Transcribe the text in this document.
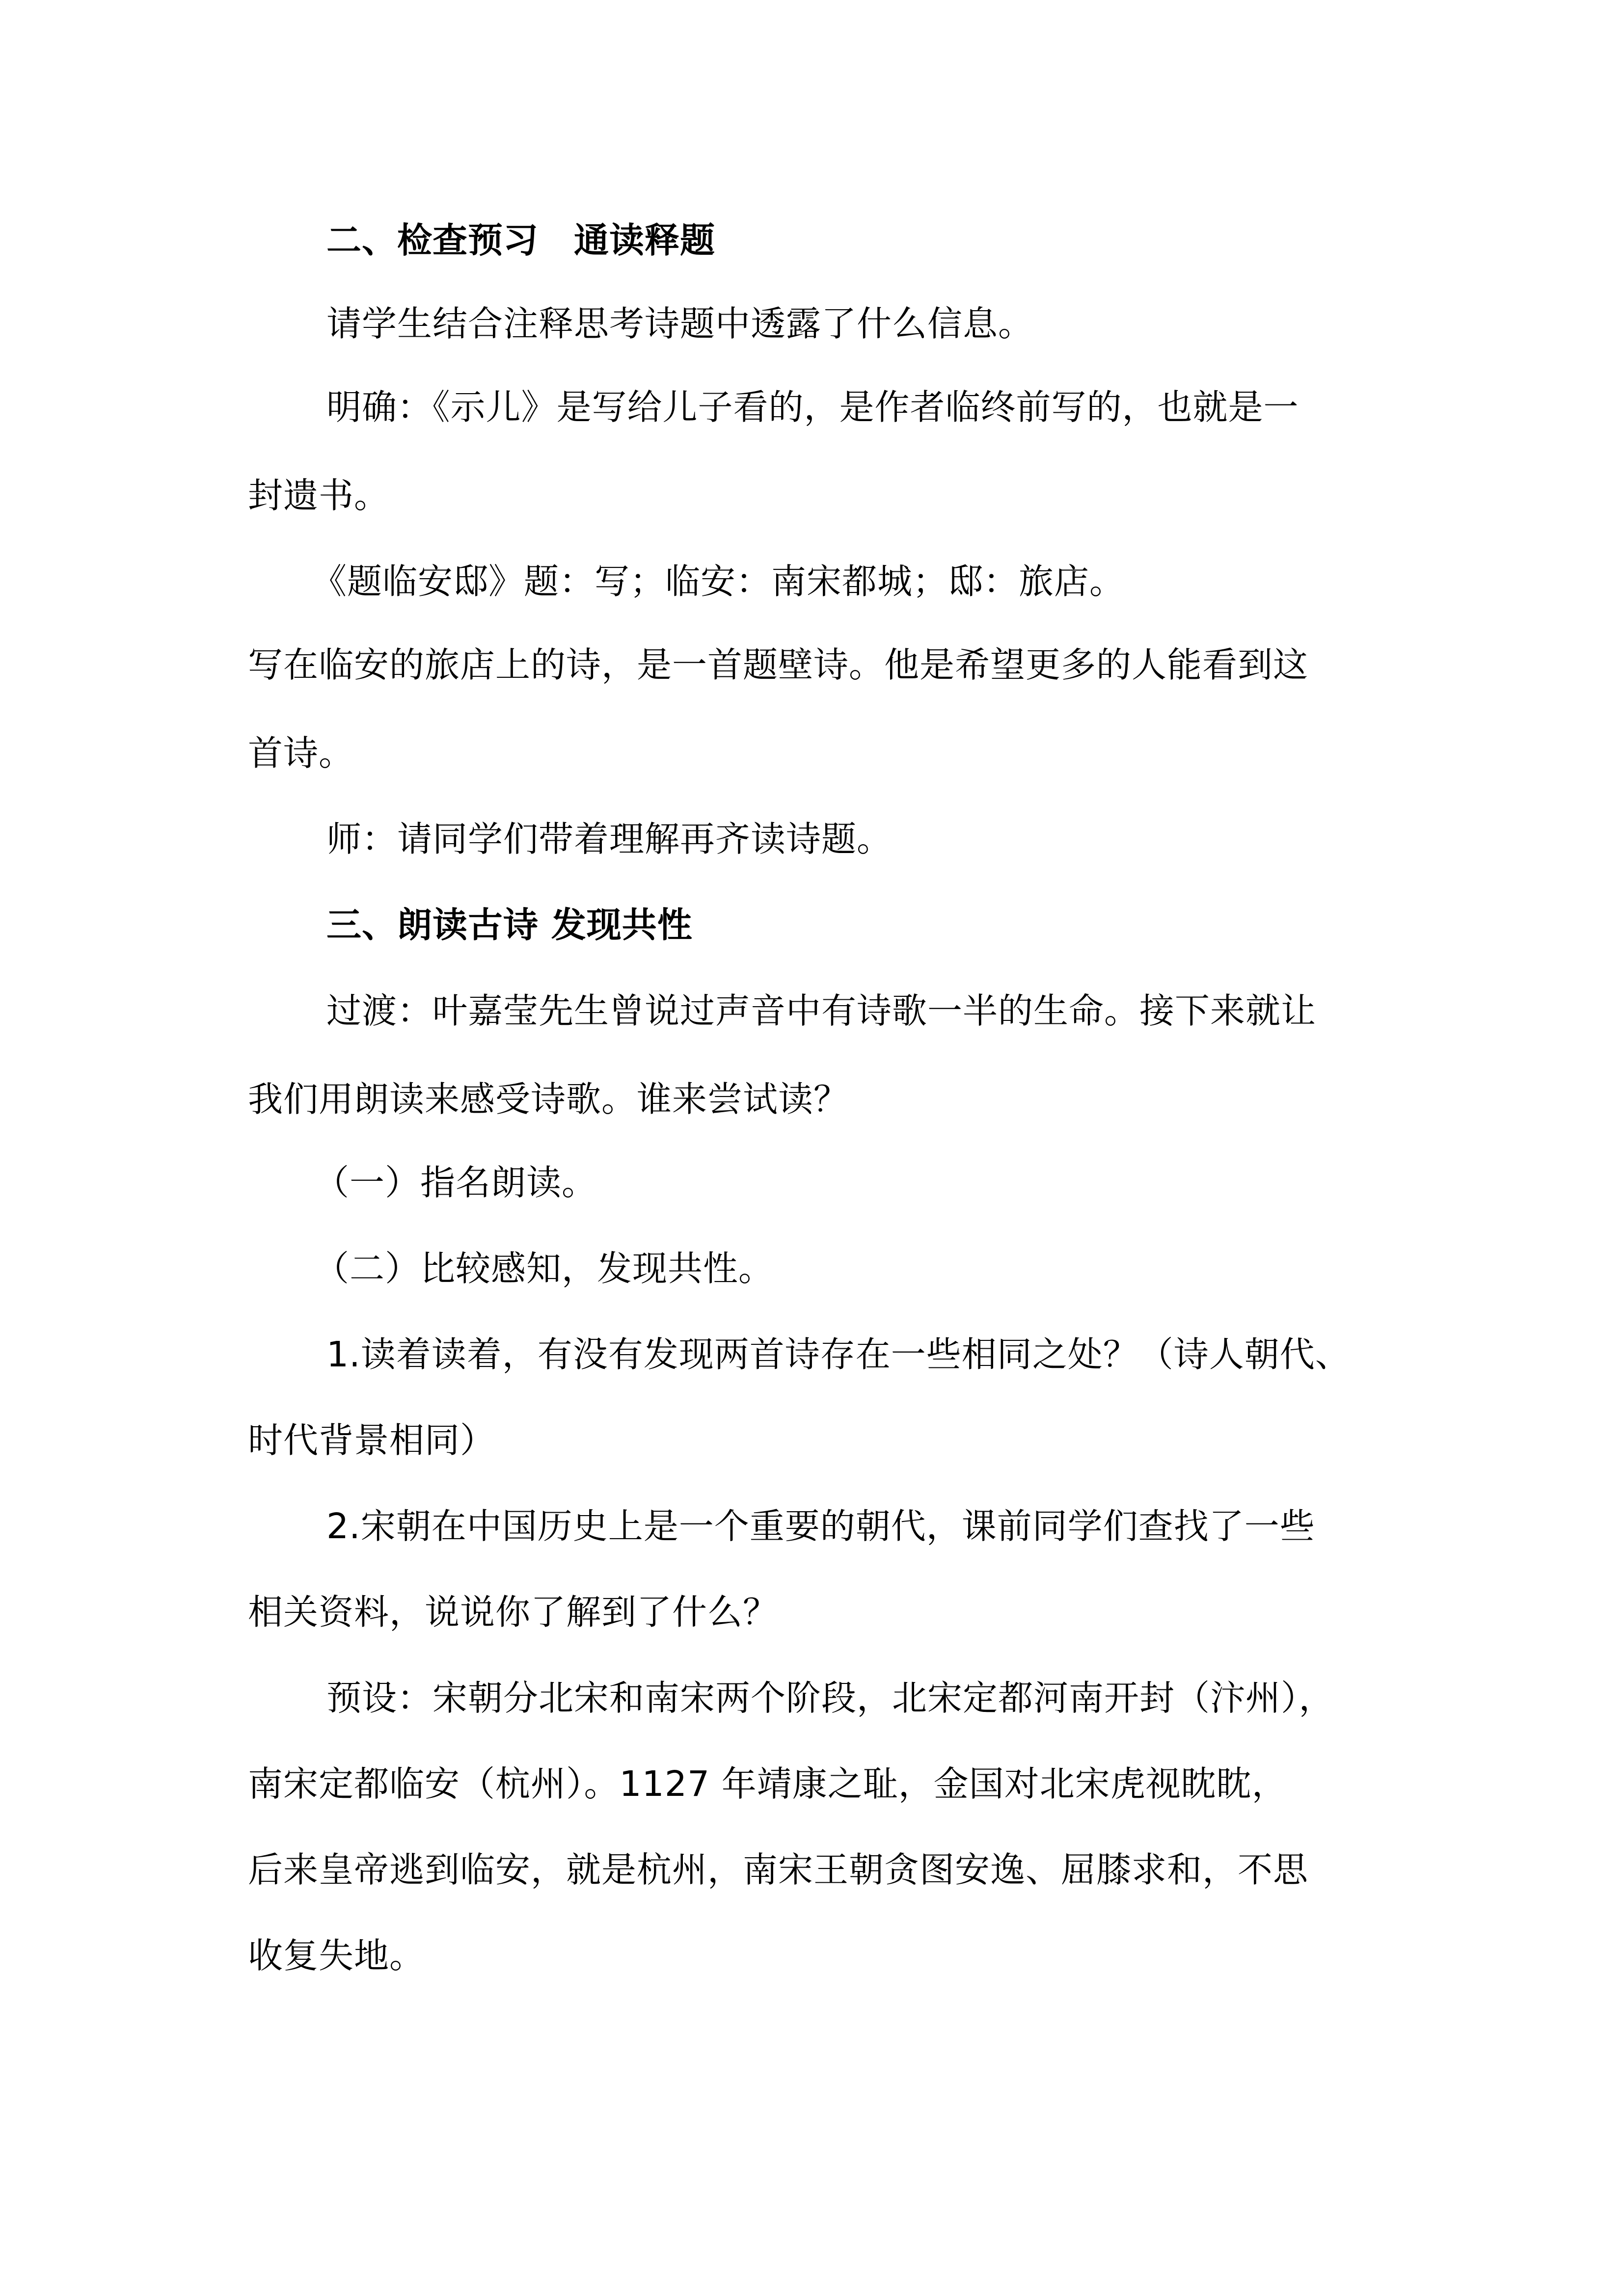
二、检查预习　通读释题
请学生结合注释思考诗题中透露了什么信息。
明确：《示儿》是写给儿子看的，是作者临终前写的，也就是一
封遗书。
《题临安邸》题：写；临安：南宋都城；邸：旅店。
写在临安的旅店上的诗，是一首题壁诗。他是希望更多的人能看到这
首诗。
师：请同学们带着理解再齐读诗题。
三、朗读古诗 发现共性
过渡：叶嘉莹先生曾说过声音中有诗歌一半的生命。接下来就让
我们用朗读来感受诗歌。谁来尝试读？
（一）指名朗读。
（二）比较感知，发现共性。
1.读着读着，有没有发现两首诗存在一些相同之处？（诗人朝代、
时代背景相同）
2.宋朝在中国历史上是一个重要的朝代，课前同学们查找了一些
相关资料，说说你了解到了什么？
预设：宋朝分北宋和南宋两个阶段，北宋定都河南开封（汴州），
南宋定都临安（杭州）。1127 年靖康之耻，金国对北宋虎视眈眈，
后来皇帝逃到临安，就是杭州，南宋王朝贪图安逸、屈膝求和，不思
收复失地。
